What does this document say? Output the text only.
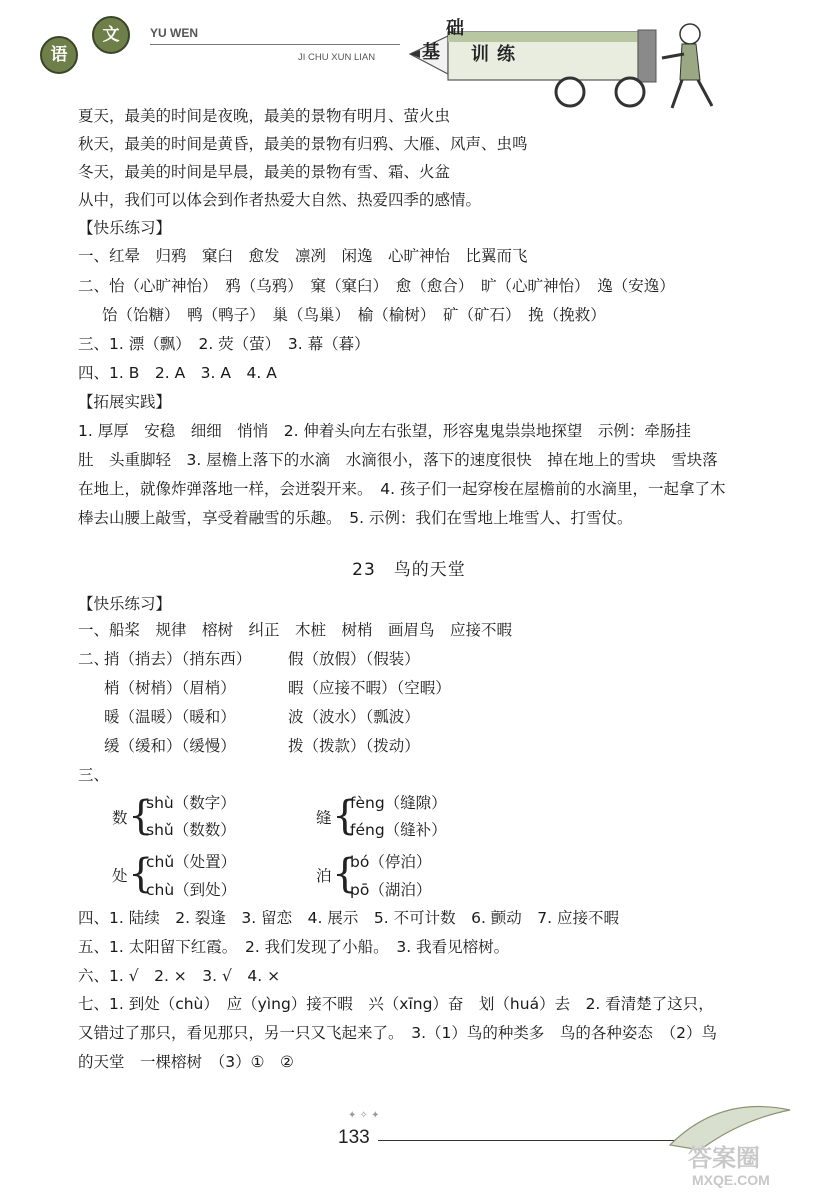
语
文	YU WEN
JI CHU XUN LIAN	基
础
训 练
夏天，最美的时间是夜晚，最美的景物有明月、萤火虫
秋天，最美的时间是黄昏，最美的景物有归鸦、大雁、风声、虫鸣
冬天，最美的时间是早晨，最美的景物有雪、霜、火盆
从中，我们可以体会到作者热爱大自然、热爱四季的感情。
【快乐练习】
一、红晕　归鸦　窠臼　愈发　凛冽　闲逸　心旷神怡　比翼而飞
二、怡（心旷神怡）　鸦（乌鸦）　窠（窠臼）　愈（愈合）　旷（心旷神怡）　逸（安逸）
饴（饴糖）　鸭（鸭子）　巢（鸟巢）　榆（榆树）　矿（矿石）　挽（挽救）
三、1. 漂（飘）　2. 荧（萤）　3. 幕（暮）
四、1. B　2. A　3. A　4. A
【拓展实践】
1. 厚厚　安稳　细细　悄悄　2. 伸着头向左右张望，形容鬼鬼祟祟地探望　示例：牵肠挂
肚　头重脚轻　3. 屋檐上落下的水滴　水滴很小，落下的速度很快　掉在地上的雪块　雪块落
在地上，就像炸弹落地一样，会迸裂开来。　4. 孩子们一起穿梭在屋檐前的水滴里，一起拿了木
棒去山腰上敲雪，享受着融雪的乐趣。　5. 示例：我们在雪地上堆雪人、打雪仗。
23　鸟的天堂
【快乐练习】
一、船桨　规律　榕树　纠正　木桩　树梢　画眉鸟　应接不暇
二、
捎（捎去）（捎东西） 假（放假）（假装）
梢（树梢）（眉梢）	暇（应接不暇）（空暇）
暖（温暖）（暖和）	波（波水）（瓢波）
缓（缓和）（缓慢）	拨（拨款）（拨动）
三、
数 {
shù（数字）
shǔ（数数）
缝 {
fèng（缝隙）
féng（缝补）
处 {
chǔ（处置）
chù（到处）
泊 {
bó（停泊）
pō（湖泊）
四、1. 陆续　2. 裂逢　3. 留恋　4. 展示　5. 不可计数　6. 颤动　7. 应接不暇
五、1. 太阳留下红霞。　2. 我们发现了小船。　3. 我看见榕树。
六、1. √　2. ×　3. √　4. ×
七、1. 到处（chù）　应（yìng）接不暇　兴（xīng）奋　划（huá）去　2. 看清楚了这只，
又错过了那只，看见那只，另一只又飞起来了。　3.（1）鸟的种类多　鸟的各种姿态　（2）鸟
的天堂　一棵榕树　（3）①　②
✦ ✧ ✦
133
答案圈
MXQE.COM
